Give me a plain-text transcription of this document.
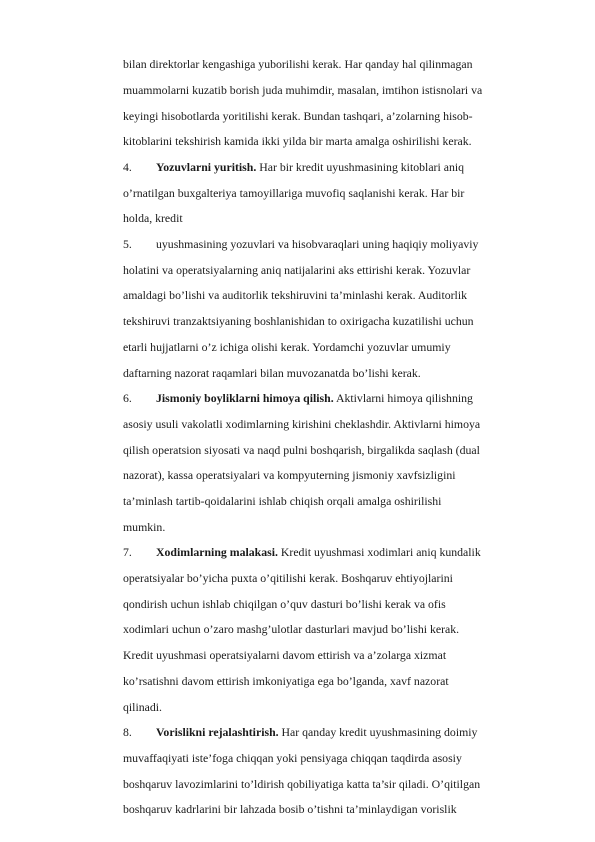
bilan direktorlar kengashiga yuborilishi kerak. Har qanday hal qilinmagan
muammolarni kuzatib borish juda muhimdir, masalan, imtihon istisnolari va
keyingi hisobotlarda yoritilishi kerak. Bundan tashqari, a’zolarning hisob-
kitoblarini tekshirish kamida ikki yilda bir marta amalga oshirilishi kerak.
4. Yozuvlarni yuritish. Har bir kredit uyushmasining kitoblari aniq
o’rnatilgan buxgalteriya tamoyillariga muvofiq saqlanishi kerak. Har bir
holda, kredit
5. uyushmasining yozuvlari va hisobvaraqlari uning haqiqiy moliyaviy
holatini va operatsiyalarning aniq natijalarini aks ettirishi kerak. Yozuvlar
amaldagi bo’lishi va auditorlik tekshiruvini ta’minlashi kerak. Auditorlik
tekshiruvi tranzaktsiyaning boshlanishidan to oxirigacha kuzatilishi uchun
etarli hujjatlarni o’z ichiga olishi kerak. Yordamchi yozuvlar umumiy
daftarning nazorat raqamlari bilan muvozanatda bo’lishi kerak.
6. Jismoniy boyliklarni himoya qilish. Aktivlarni himoya qilishning
asosiy usuli vakolatli xodimlarning kirishini cheklashdir. Aktivlarni himoya
qilish operatsion siyosati va naqd pulni boshqarish, birgalikda saqlash (dual
nazorat), kassa operatsiyalari va kompyuterning jismoniy xavfsizligini
ta’minlash tartib-qoidalarini ishlab chiqish orqali amalga oshirilishi
mumkin.
7. Xodimlarning malakasi. Kredit uyushmasi xodimlari aniq kundalik
operatsiyalar bo’yicha puxta o’qitilishi kerak. Boshqaruv ehtiyojlarini
qondirish uchun ishlab chiqilgan o’quv dasturi bo’lishi kerak va ofis
xodimlari uchun o’zaro mashg’ulotlar dasturlari mavjud bo’lishi kerak.
Kredit uyushmasi operatsiyalarni davom ettirish va a’zolarga xizmat
ko’rsatishni davom ettirish imkoniyatiga ega bo’lganda, xavf nazorat
qilinadi.
8. Vorislikni rejalashtirish. Har qanday kredit uyushmasining doimiy
muvaffaqiyati iste’foga chiqqan yoki pensiyaga chiqqan taqdirda asosiy
boshqaruv lavozimlarini to’ldirish qobiliyatiga katta ta’sir qiladi. O’qitilgan
boshqaruv kadrlarini bir lahzada bosib o’tishni ta’minlaydigan vorislik
